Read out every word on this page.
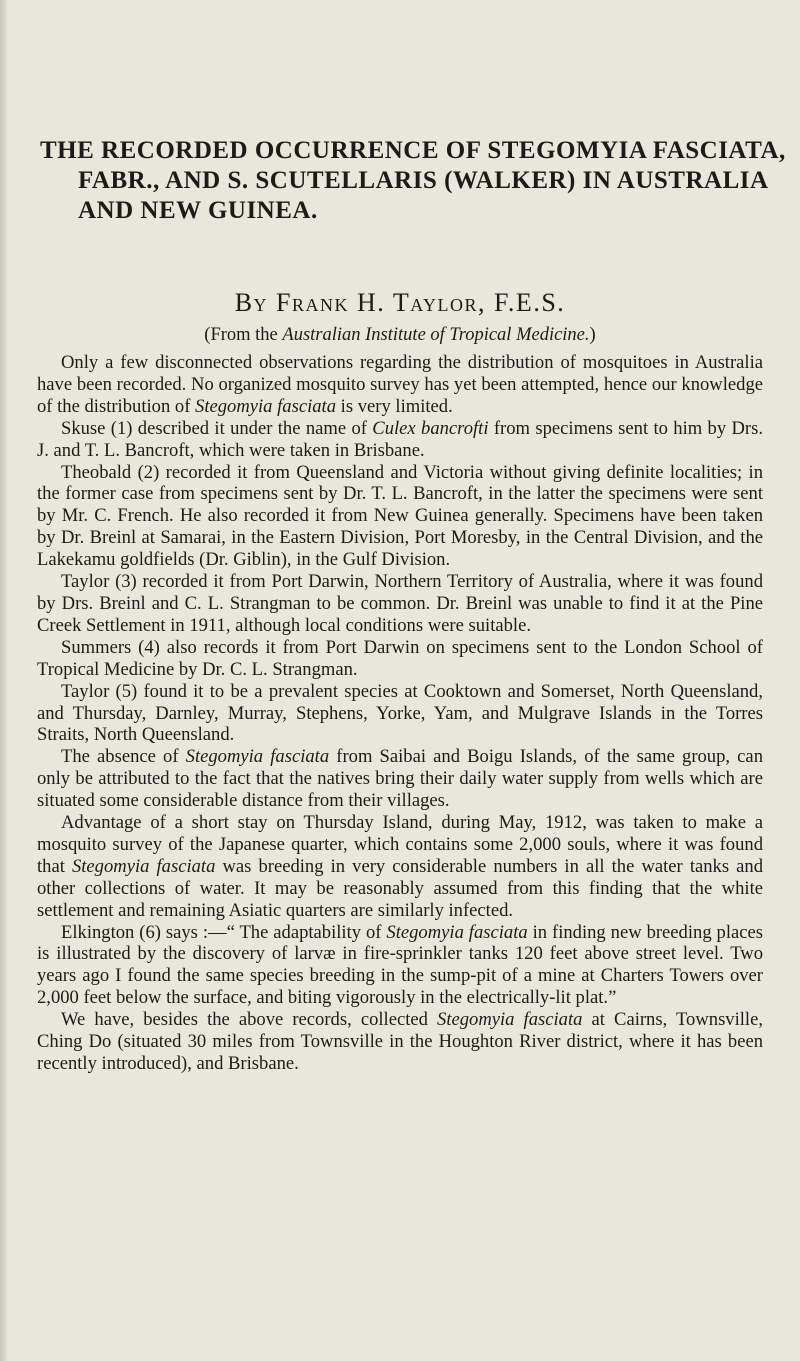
THE RECORDED OCCURRENCE OF STEGOMYIA FASCIATA,
FABR., AND S. SCUTELLARIS (WALKER) IN AUSTRALIA
AND NEW GUINEA.

By Frank H. Taylor, F.E.S.

(From the Australian Institute of Tropical Medicine.)

Only a few disconnected observations regarding the distribution of mosquitoes in Australia have been recorded. No organized mosquito survey has yet been attempted, hence our knowledge of the distribution of Stegomyia fasciata is very limited.

Skuse (1) described it under the name of Culex bancrofti from specimens sent to him by Drs. J. and T. L. Bancroft, which were taken in Brisbane.

Theobald (2) recorded it from Queensland and Victoria without giving definite localities; in the former case from specimens sent by Dr. T. L. Bancroft, in the latter the specimens were sent by Mr. C. French. He also recorded it from New Guinea generally. Specimens have been taken by Dr. Breinl at Samarai, in the Eastern Division, Port Moresby, in the Central Division, and the Lakekamu goldfields (Dr. Giblin), in the Gulf Division.

Taylor (3) recorded it from Port Darwin, Northern Territory of Australia, where it was found by Drs. Breinl and C. L. Strangman to be common. Dr. Breinl was unable to find it at the Pine Creek Settlement in 1911, although local conditions were suitable.

Summers (4) also records it from Port Darwin on specimens sent to the London School of Tropical Medicine by Dr. C. L. Strangman.

Taylor (5) found it to be a prevalent species at Cooktown and Somerset, North Queensland, and Thursday, Darnley, Murray, Stephens, Yorke, Yam, and Mulgrave Islands in the Torres Straits, North Queensland.

The absence of Stegomyia fasciata from Saibai and Boigu Islands, of the same group, can only be attributed to the fact that the natives bring their daily water supply from wells which are situated some considerable distance from their villages.

Advantage of a short stay on Thursday Island, during May, 1912, was taken to make a mosquito survey of the Japanese quarter, which contains some 2,000 souls, where it was found that Stegomyia fasciata was breeding in very considerable numbers in all the water tanks and other collections of water. It may be reasonably assumed from this finding that the white settlement and remaining Asiatic quarters are similarly infected.

Elkington (6) says :—“ The adaptability of Stegomyia fasciata in finding new breeding places is illustrated by the discovery of larvæ in fire-sprinkler tanks 120 feet above street level. Two years ago I found the same species breeding in the sump-pit of a mine at Charters Towers over 2,000 feet below the surface, and biting vigorously in the electrically-lit plat.”

We have, besides the above records, collected Stegomyia fasciata at Cairns, Townsville, Ching Do (situated 30 miles from Townsville in the Houghton River district, where it has been recently introduced), and Brisbane.
